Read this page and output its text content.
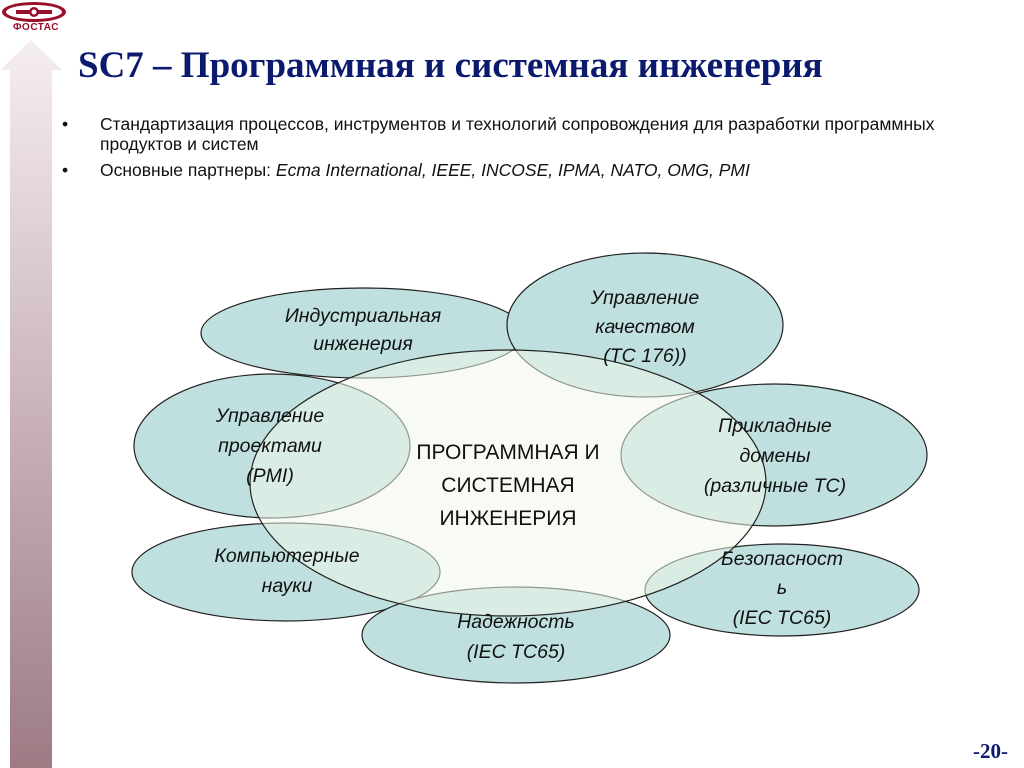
ФОСТАС
SC7 – Программная и системная инженерия
• Стандартизация процессов, инструментов и технологий сопровождения для разработки программных продуктов и систем
• Основные партнеры: Ecma International, IEEE, INCOSE, IPMA, NATO, OMG, PMI
Индустриальная
инженерия
Управление
качеством
(TC 176))
Управление
проектами
(PMI)
Прикладные
домены
(различные ТС)
Компьютерные
науки
Безопасност
ь
(IEC TC65)
Надежность
(IEC TC65)
ПРОГРАММНАЯ И
СИСТЕМНАЯ
ИНЖЕНЕРИЯ
-20-
